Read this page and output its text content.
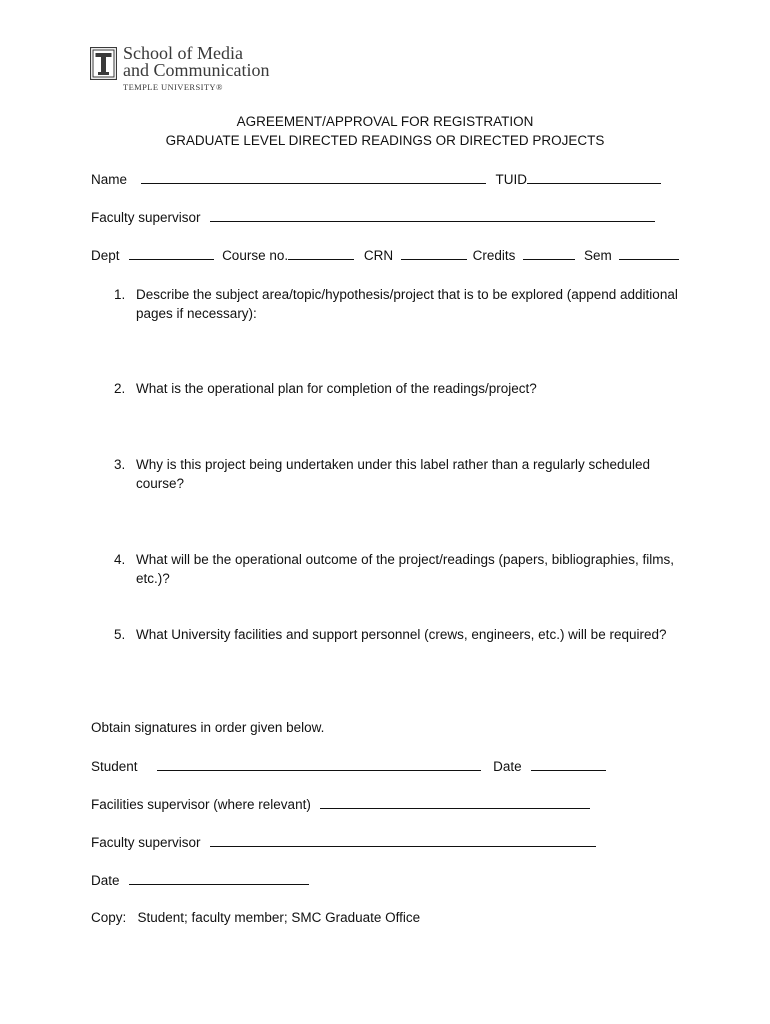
School of Media
and Communication
TEMPLE UNIVERSITY®
AGREEMENT/APPROVAL FOR REGISTRATION
GRADUATE LEVEL DIRECTED READINGS OR DIRECTED PROJECTS
Name	TUID
Faculty supervisor
Dept	Course no.	CRN	Credits	Sem
1. Describe the subject area/topic/hypothesis/project that is to be explored (append additional pages if necessary):
2. What is the operational plan for completion of the readings/project?
3. Why is this project being undertaken under this label rather than a regularly scheduled course?
4. What will be the operational outcome of the project/readings (papers, bibliographies, films, etc.)?
5. What University facilities and support personnel (crews, engineers, etc.) will be required?
Obtain signatures in order given below.
Student	Date
Facilities supervisor (where relevant)
Faculty supervisor
Date
Copy:   Student; faculty member; SMC Graduate Office
